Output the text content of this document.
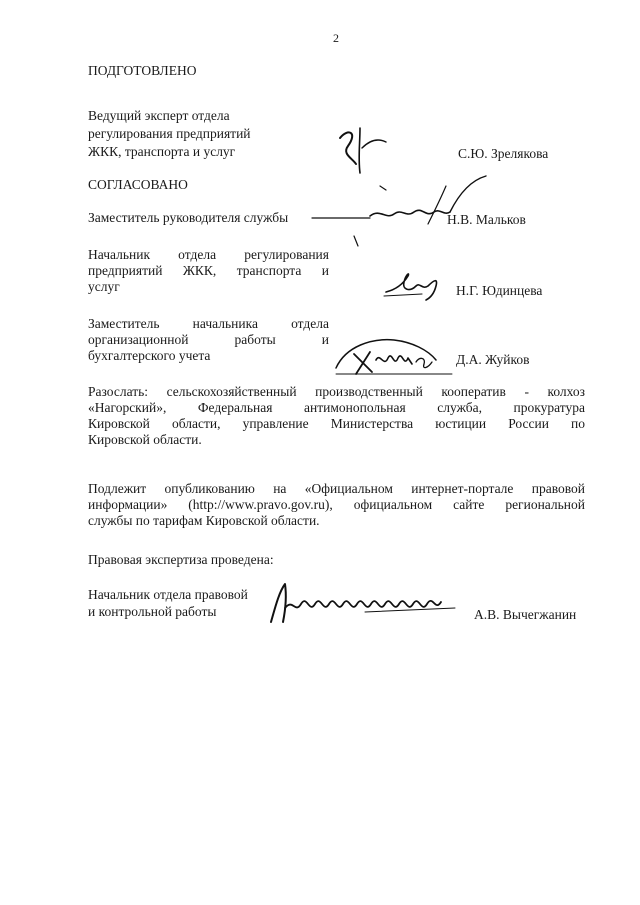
2
ПОДГОТОВЛЕНО
Ведущий эксперт отдела
регулирования предприятий
ЖКК, транспорта и услуг	С.Ю. Зрелякова
СОГЛАСОВАНО
Заместитель руководителя службы	Н.В. Мальков
Начальник отдела регулирования
предприятий ЖКК, транспорта и
услуг	Н.Г. Юдинцева
Заместитель начальника отдела
организационной работы и
бухгалтерского учета	Д.А. Жуйков
Разослать: сельскохозяйственный производственный кооператив - колхоз
«Нагорский», Федеральная антимонопольная служба, прокуратура
Кировской области, управление Министерства юстиции России по
Кировской области.
Подлежит опубликованию на «Официальном интернет-портале правовой
информации» (http://www.pravo.gov.ru), официальном сайте региональной
службы по тарифам Кировской области.
Правовая экспертиза проведена:
Начальник отдела правовой
и контрольной работы	А.В. Вычегжанин
